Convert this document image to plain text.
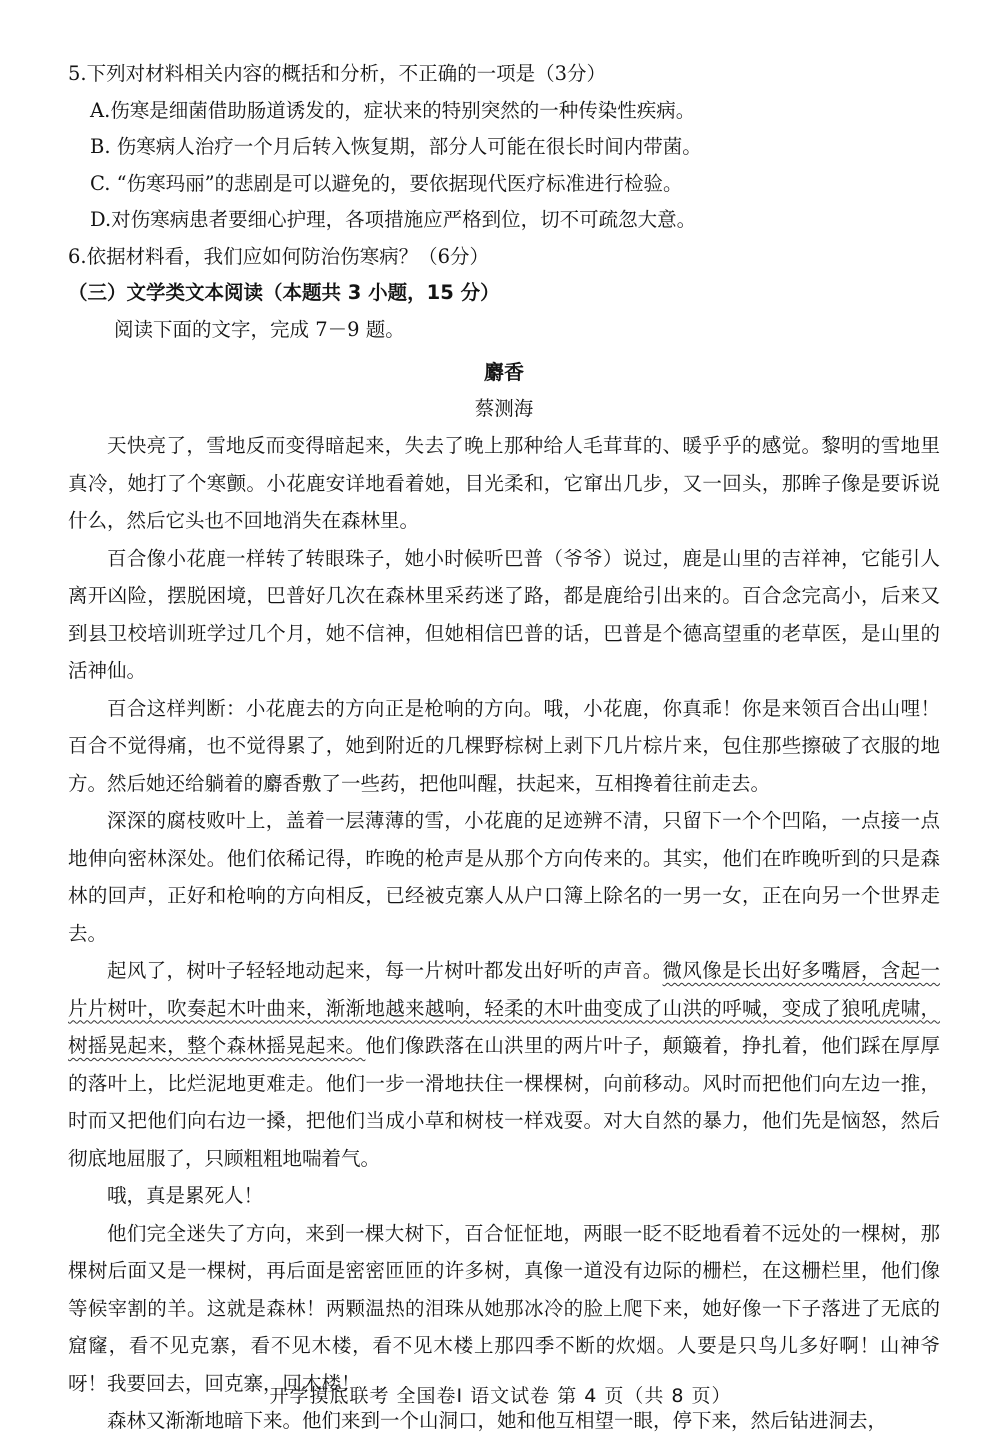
5.下列对材料相关内容的概括和分析，不正确的一项是（3分）
A.伤寒是细菌借助肠道诱发的，症状来的特别突然的一种传染性疾病。
B. 伤寒病人治疗一个月后转入恢复期，部分人可能在很长时间内带菌。
C. “伤寒玛丽”的悲剧是可以避免的，要依据现代医疗标准进行检验。
D.对伤寒病患者要细心护理，各项措施应严格到位，切不可疏忽大意。
6.依据材料看，我们应如何防治伤寒病？（6分）
（三）文学类文本阅读（本题共 3 小题，15 分）
阅读下面的文字，完成 7－9 题。
麝香
蔡测海

天快亮了，雪地反而变得暗起来，失去了晚上那种给人毛茸茸的、暖乎乎的感觉。黎明的雪地里真冷，她打了个寒颤。小花鹿安详地看着她，目光柔和，它窜出几步，又一回头，那眸子像是要诉说什么，然后它头也不回地消失在森林里。

百合像小花鹿一样转了转眼珠子，她小时候听巴普（爷爷）说过，鹿是山里的吉祥神，它能引人离开凶险，摆脱困境，巴普好几次在森林里采药迷了路，都是鹿给引出来的。百合念完高小，后来又到县卫校培训班学过几个月，她不信神，但她相信巴普的话，巴普是个德高望重的老草医，是山里的活神仙。

百合这样判断：小花鹿去的方向正是枪响的方向。哦，小花鹿，你真乖！你是来领百合出山哩！百合不觉得痛，也不觉得累了，她到附近的几棵野棕树上剥下几片棕片来，包住那些擦破了衣服的地方。然后她还给躺着的麝香敷了一些药，把他叫醒，扶起来，互相搀着往前走去。

深深的腐枝败叶上，盖着一层薄薄的雪，小花鹿的足迹辨不清，只留下一个个凹陷，一点接一点地伸向密林深处。他们依稀记得，昨晚的枪声是从那个方向传来的。其实，他们在昨晚听到的只是森林的回声，正好和枪响的方向相反，已经被克寨人从户口簿上除名的一男一女，正在向另一个世界走去。

起风了，树叶子轻轻地动起来，每一片树叶都发出好听的声音。微风像是长出好多嘴唇，含起一片片树叶，吹奏起木叶曲来，渐渐地越来越响，轻柔的木叶曲变成了山洪的呼喊，变成了狼吼虎啸，树摇晃起来，整个森林摇晃起来。他们像跌落在山洪里的两片叶子，颠簸着，挣扎着，他们踩在厚厚的落叶上，比烂泥地更难走。他们一步一滑地扶住一棵棵树，向前移动。风时而把他们向左边一推，时而又把他们向右边一搡，把他们当成小草和树枝一样戏耍。对大自然的暴力，他们先是恼怒，然后彻底地屈服了，只顾粗粗地喘着气。

哦，真是累死人！

他们完全迷失了方向，来到一棵大树下，百合怔怔地，两眼一眨不眨地看着不远处的一棵树，那棵树后面又是一棵树，再后面是密密匝匝的许多树，真像一道没有边际的栅栏，在这栅栏里，他们像等候宰割的羊。这就是森林！两颗温热的泪珠从她那冰冷的脸上爬下来，她好像一下子落进了无底的窟窿，看不见克寨，看不见木楼，看不见木楼上那四季不断的炊烟。人要是只鸟儿多好啊！山神爷呀！我要回去，回克寨，回木楼！

森林又渐渐地暗下来。他们来到一个山洞口，她和他互相望一眼，停下来，然后钻进洞去，

开学摸底联考 全国卷Ⅰ 语文试卷 第 4 页（共 8 页）
